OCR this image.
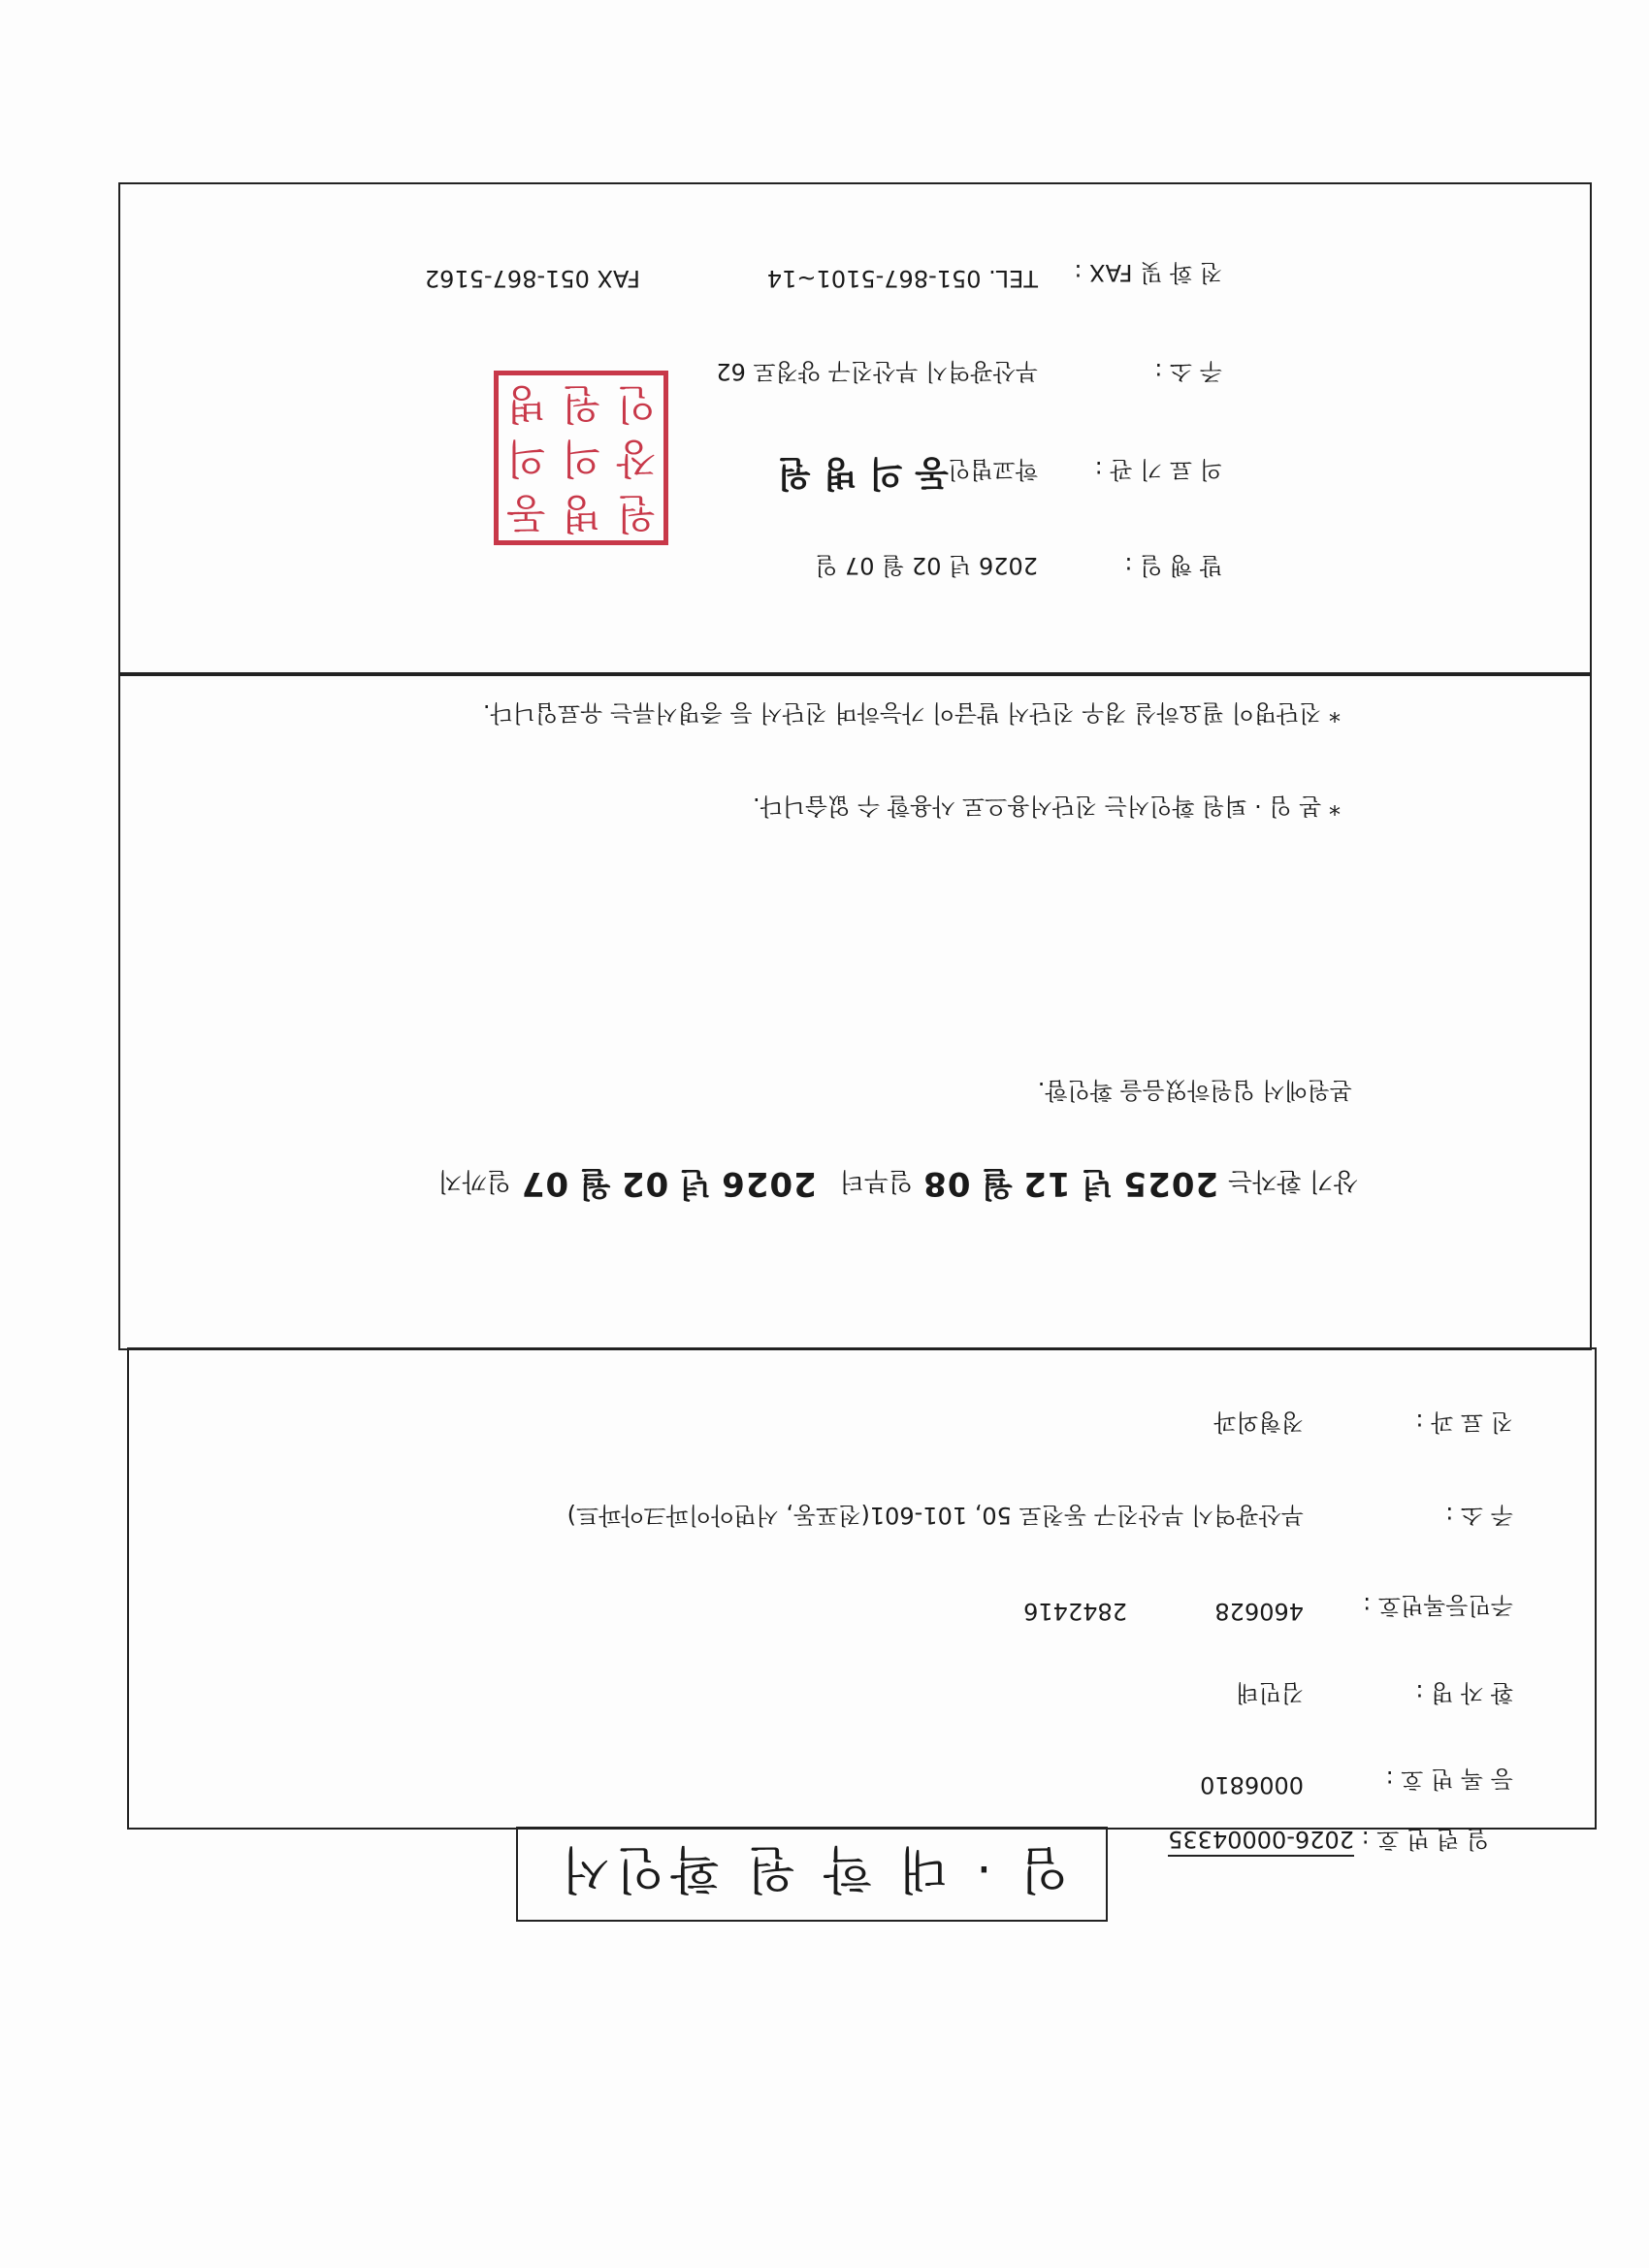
임 · 대 학 원 확인서
일 련 번 호 : 2026-00004335
등 록 번 호 :
0006810
환 자 명 :
김민태
주민등록번호 :
460628
2842416
주 소 :
부산광역시 부산진구 동천로 50, 101-601(전포동, 서면아이파크아파트)
진 료 과 :
정형외과
상기 환자는
2025
년
12
월
08
일부터
2026
년
02
월
07
일까지
본원에서 입원하였음을 확인함.
* 본 임 · 퇴원 확인서는 진단서용으로 사용할 수 없습니다.
* 진단명이 필요하실 경우 진단서 발급이 가능하며 진단서 등 증명서류는 유료입니다.
발 행 일 :
2026 년 02 월 07 일
의 료 기 관 :
학교법인
동 의 병 원
주 소 :
부산광역시 부산진구 양정로 62
전 화 및 FAX :
TEL. 051-867-5101~14
FAX 051-867-5162
원
병
동
장
의
의
인
원
병
